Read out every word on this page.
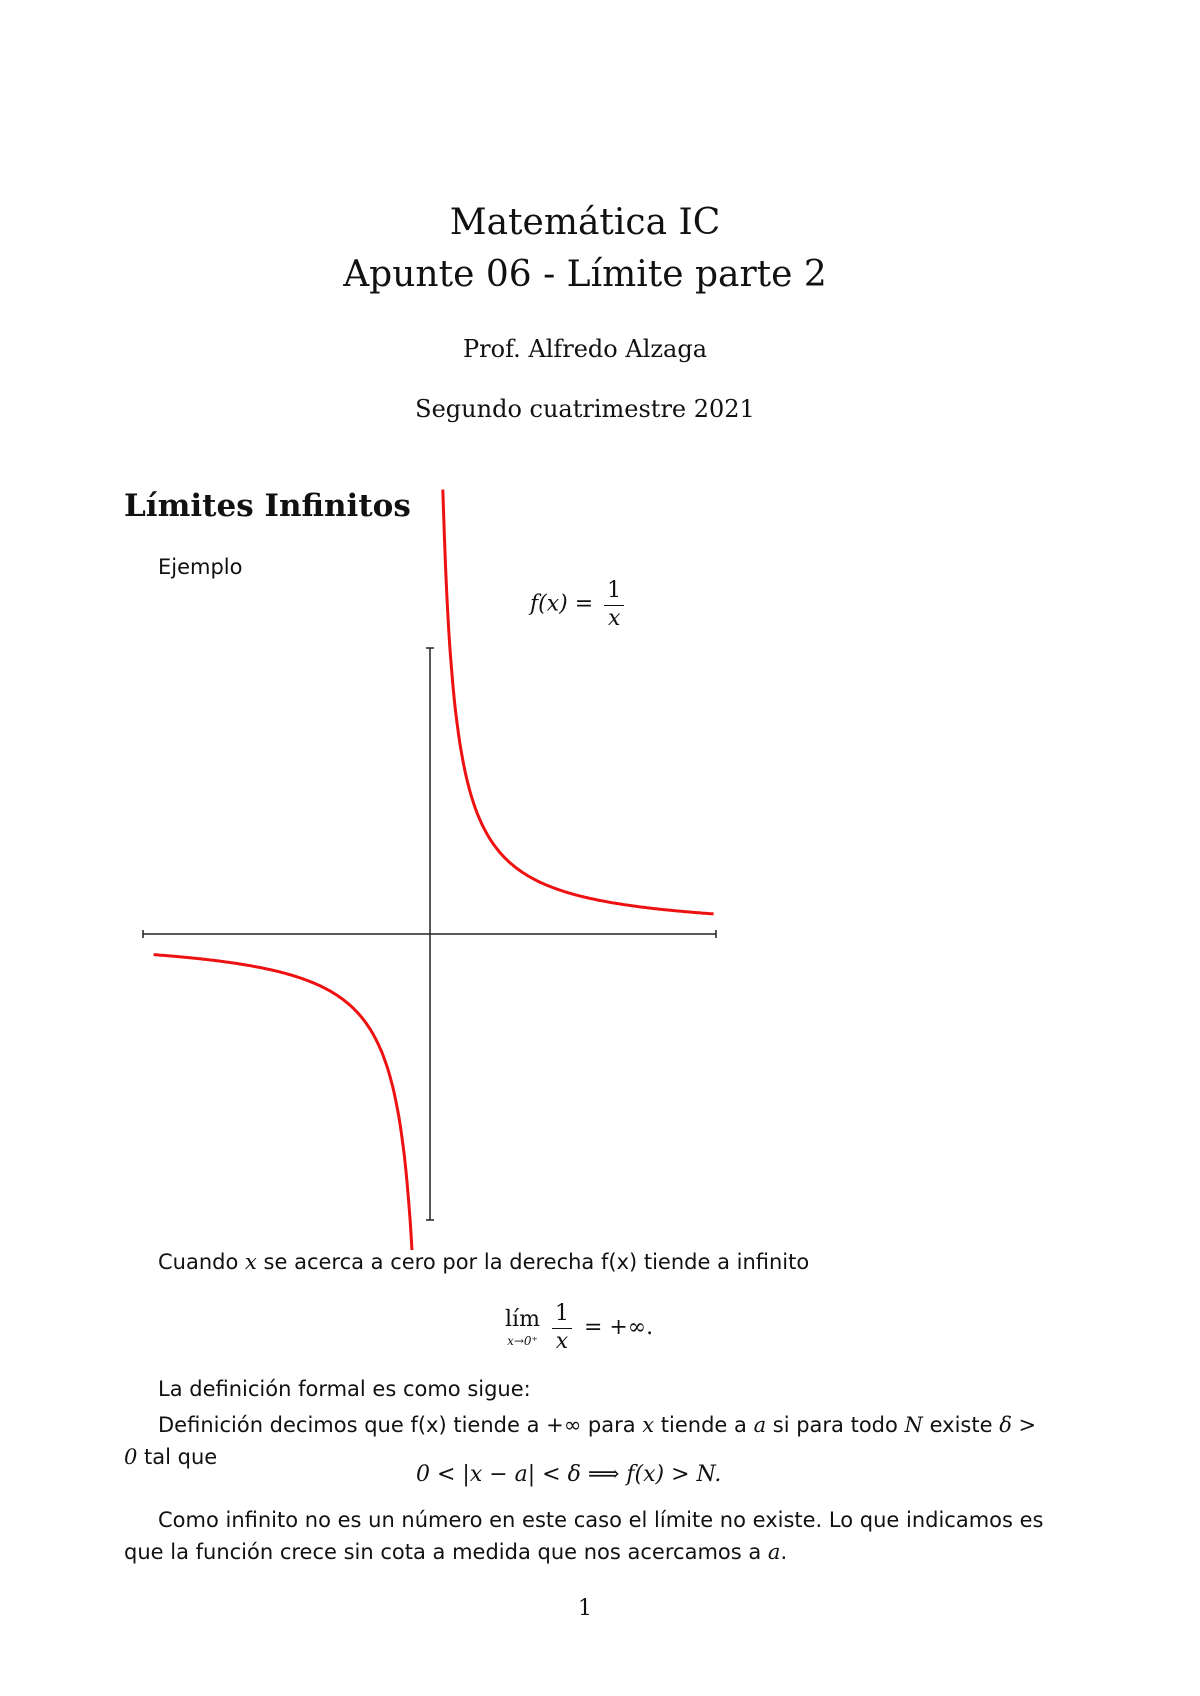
Matemática IC
Apunte 06 - Límite parte 2
Prof. Alfredo Alzaga
Segundo cuatrimestre 2021
Límites Infinitos
Ejemplo
$f(x) = \frac{1}{x}$
Cuando x se acerca a cero por la derecha f(x) tiende a infinito
lím
$x\to 0^+ \frac{1}{x}$ = +∞.
La definición formal es como sigue:
Definición decimos que f(x) tiende a +∞ para x tiende a a si para todo N existe δ > 0 tal que
0 < |x − a| < δ ⟹ f(x) > N.
Como infinito no es un número en este caso el límite no existe. Lo que indicamos es que la función crece sin cota a medida que nos acercamos a a.
1
